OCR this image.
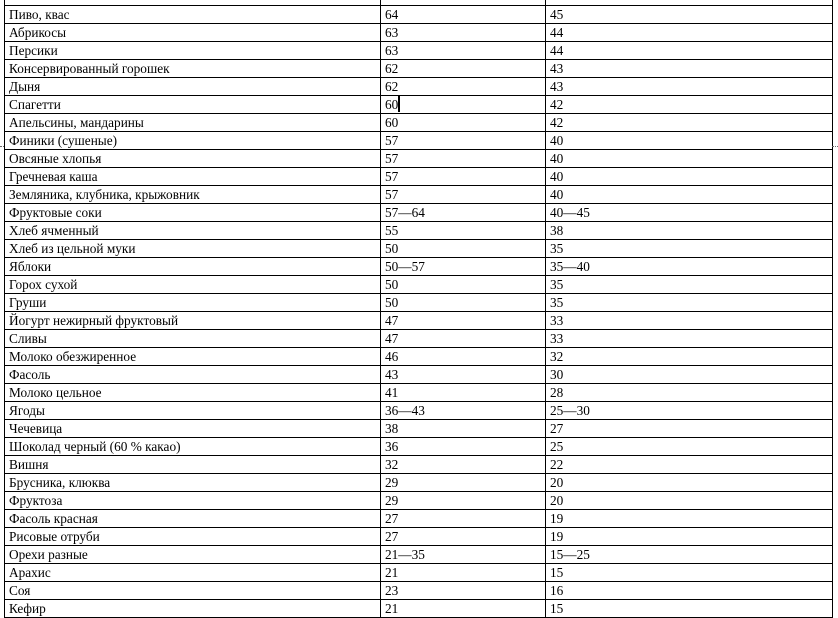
Пиво, квас	64	45
Абрикосы	63	44
Персики	63	44
Консервированный горошек	62	43
Дыня	62	43
Спагетти	60	42
Апельсины, мандарины	60	42
Финики (сушеные)	57	40
Овсяные хлопья	57	40
Гречневая каша	57	40
Земляника, клубника, крыжовник	57	40
Фруктовые соки	57—64	40—45
Хлеб ячменный	55	38
Хлеб из цельной муки	50	35
Яблоки	50—57	35—40
Горох сухой	50	35
Груши	50	35
Йогурт нежирный фруктовый	47	33
Сливы	47	33
Молоко обезжиренное	46	32
Фасоль	43	30
Молоко цельное	41	28
Ягоды	36—43	25—30
Чечевица	38	27
Шоколад черный (60 % какао)	36	25
Вишня	32	22
Брусника, клюква	29	20
Фруктоза	29	20
Фасоль красная	27	19
Рисовые отруби	27	19
Орехи разные	21—35	15—25
Арахис	21	15
Соя	23	16
Кефир	21	15
